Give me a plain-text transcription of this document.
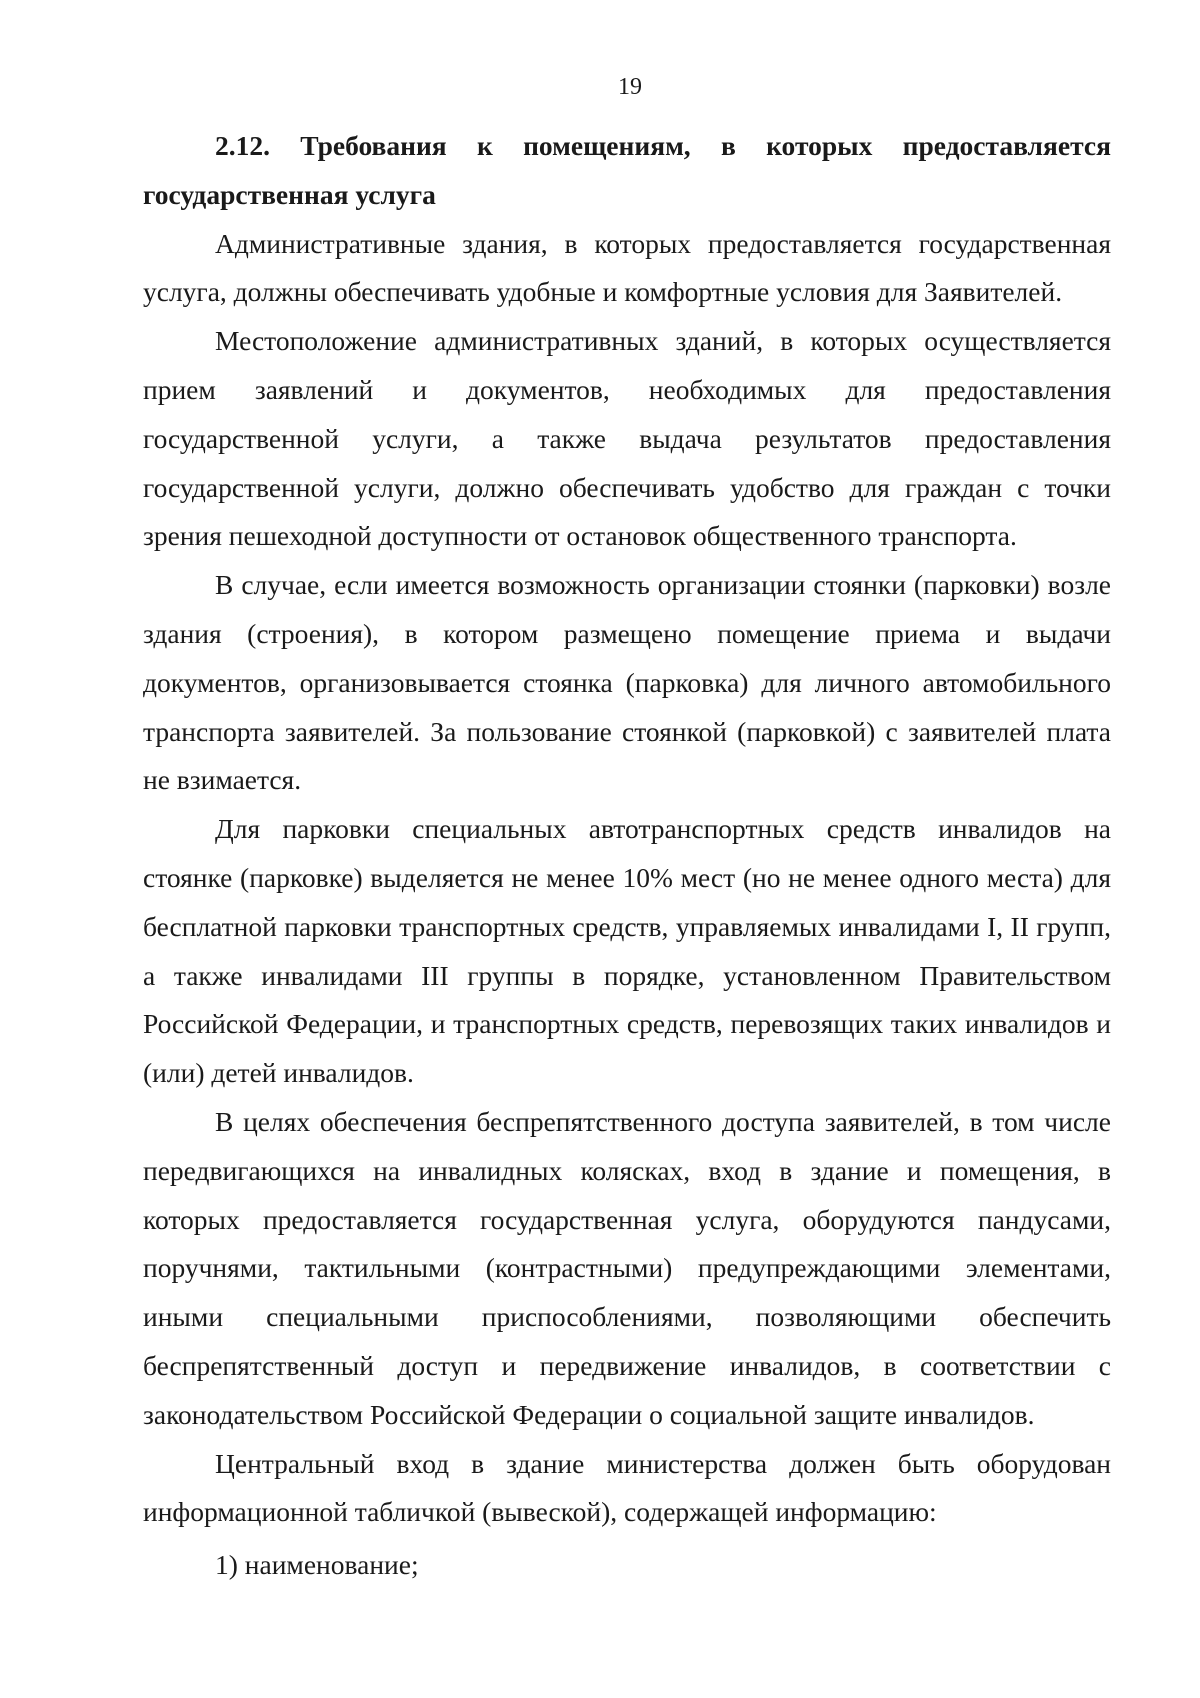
19
2.12. Требования к помещениям, в которых предоставляется государственная услуга

Административные здания, в которых предоставляется государственная услуга, должны обеспечивать удобные и комфортные условия для Заявителей.

Местоположение административных зданий, в которых осуществляется прием заявлений и документов, необходимых для предоставления государственной услуги, а также выдача результатов предоставления государственной услуги, должно обеспечивать удобство для граждан с точки зрения пешеходной доступности от остановок общественного транспорта.

В случае, если имеется возможность организации стоянки (парковки) возле здания (строения), в котором размещено помещение приема и выдачи документов, организовывается стоянка (парковка) для личного автомобильного транспорта заявителей. За пользование стоянкой (парковкой) с заявителей плата не взимается.

Для парковки специальных автотранспортных средств инвалидов на стоянке (парковке) выделяется не менее 10% мест (но не менее одного места) для бесплатной парковки транспортных средств, управляемых инвалидами I, II групп, а также инвалидами III группы в порядке, установленном Правительством Российской Федерации, и транспортных средств, перевозящих таких инвалидов и (или) детей инвалидов.

В целях обеспечения беспрепятственного доступа заявителей, в том числе передвигающихся на инвалидных колясках, вход в здание и помещения, в которых предоставляется государственная услуга, оборудуются пандусами, поручнями, тактильными (контрастными) предупреждающими элементами, иными специальными приспособлениями, позволяющими обеспечить беспрепятственный доступ и передвижение инвалидов, в соответствии с законодательством Российской Федерации о социальной защите инвалидов.

Центральный вход в здание министерства должен быть оборудован информационной табличкой (вывеской), содержащей информацию:

1) наименование;
